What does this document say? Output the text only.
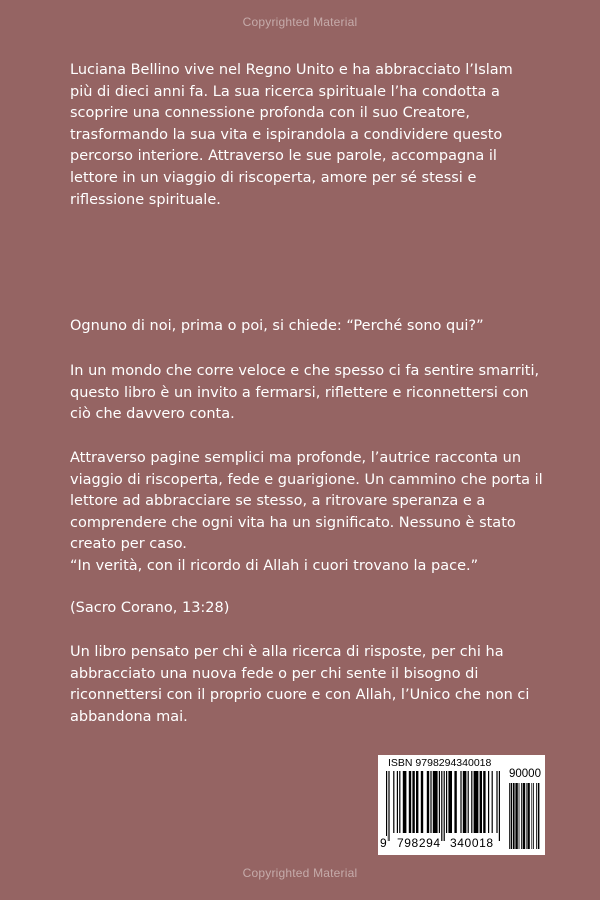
Copyrighted Material

Luciana Bellino vive nel Regno Unito e ha abbracciato l’Islam più di dieci anni fa. La sua ricerca spirituale l’ha condotta a scoprire una connessione profonda con il suo Creatore, trasformando la sua vita e ispirandola a condividere questo percorso interiore. Attraverso le sue parole, accompagna il lettore in un viaggio di riscoperta, amore per sé stessi e riflessione spirituale.

Ognuno di noi, prima o poi, si chiede: “Perché sono qui?”

In un mondo che corre veloce e che spesso ci fa sentire smarriti, questo libro è un invito a fermarsi, riflettere e riconnettersi con ciò che davvero conta.

Attraverso pagine semplici ma profonde, l’autrice racconta un viaggio di riscoperta, fede e guarigione. Un cammino che porta il lettore ad abbracciare se stesso, a ritrovare speranza e a comprendere che ogni vita ha un significato. Nessuno è stato creato per caso.

“In verità, con il ricordo di Allah i cuori trovano la pace.”

(Sacro Corano, 13:28)

Un libro pensato per chi è alla ricerca di risposte, per chi ha abbracciato una nuova fede o per chi sente il bisogno di riconnettersi con il proprio cuore e con Allah, l’Unico che non ci abbandona mai.

ISBN 9798294340018
90000
9 798294 340018
Copyrighted Material
